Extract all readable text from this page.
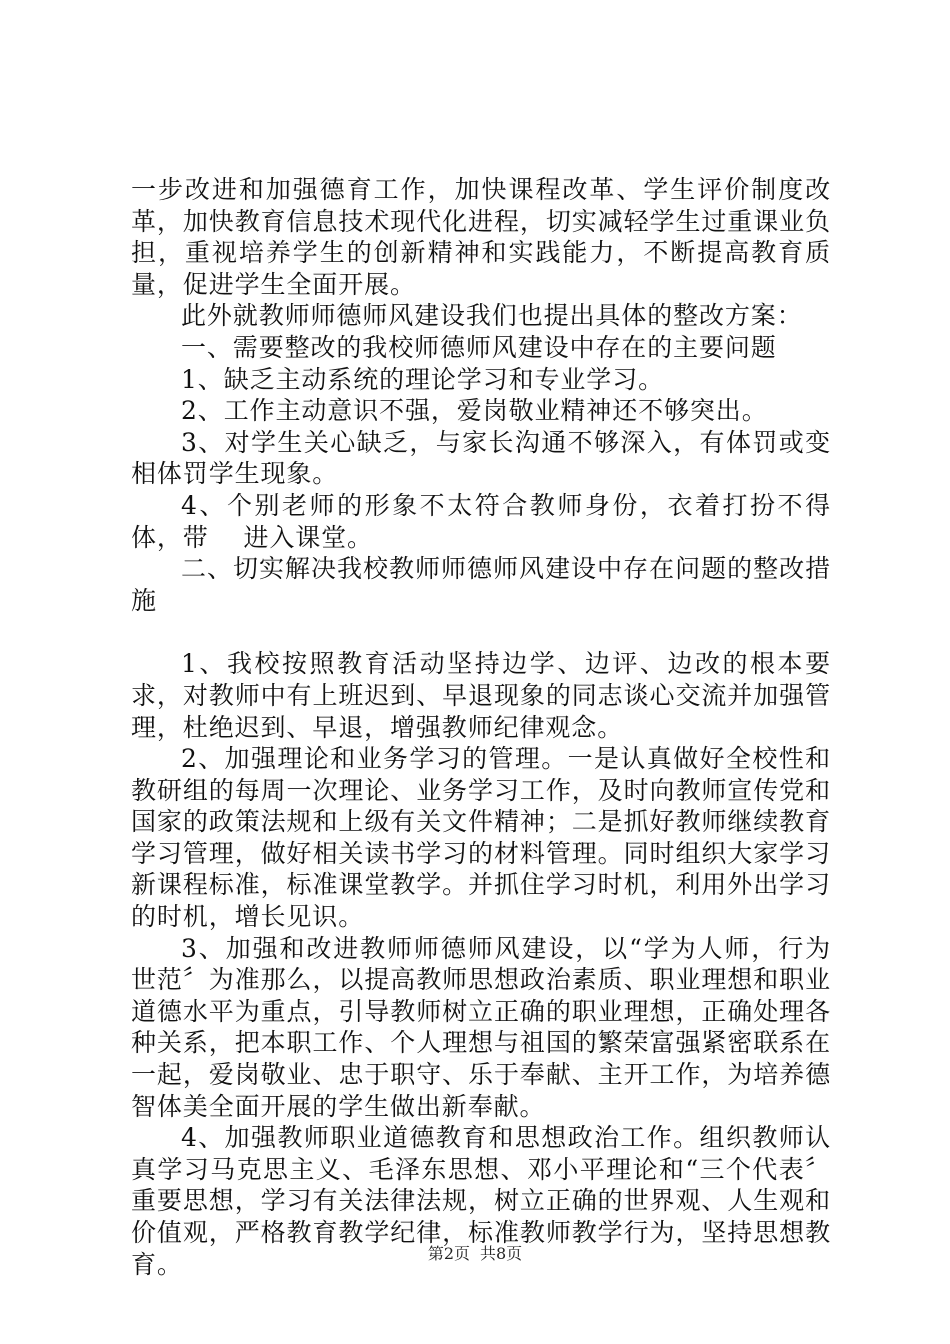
一步改进和加强德育工作，加快课程改革、学生评价制度改革，加快教育信息技术现代化进程，切实减轻学生过重课业负担，重视培养学生的创新精神和实践能力，不断提高教育质量，促进学生全面开展。

此外就教师师德师风建设我们也提出具体的整改方案：

一、需要整改的我校师德师风建设中存在的主要问题

1、缺乏主动系统的理论学习和专业学习。

2、工作主动意识不强，爱岗敬业精神还不够突出。

3、对学生关心缺乏，与家长沟通不够深入，有体罚或变相体罚学生现象。

4、个别老师的形象不太符合教师身份，衣着打扮不得体，带　 进入课堂。

二、切实解决我校教师师德师风建设中存在问题的整改措施

1、我校按照教育活动坚持边学、边评、边改的根本要求，对教师中有上班迟到、早退现象的同志谈心交流并加强管理，杜绝迟到、早退，增强教师纪律观念。

2、加强理论和业务学习的管理。一是认真做好全校性和教研组的每周一次理论、业务学习工作，及时向教师宣传党和国家的政策法规和上级有关文件精神；二是抓好教师继续教育学习管理，做好相关读书学习的材料管理。同时组织大家学习新课程标准，标准课堂教学。并抓住学习时机，利用外出学习的时机，增长见识。

3、加强和改进教师师德师风建设，以“学为人师，行为世范〞为准那么，以提高教师思想政治素质、职业理想和职业道德水平为重点，引导教师树立正确的职业理想，正确处理各种关系，把本职工作、个人理想与祖国的繁荣富强紧密联系在一起，爱岗敬业、忠于职守、乐于奉献、主开工作，为培养德智体美全面开展的学生做出新奉献。

4、加强教师职业道德教育和思想政治工作。组织教师认真学习马克思主义、毛泽东思想、邓小平理论和“三个代表〞重要思想，学习有关法律法规，树立正确的世界观、人生观和价值观，严格教育教学纪律，标准教师教学行为，坚持思想教育。	第2页 共8页
